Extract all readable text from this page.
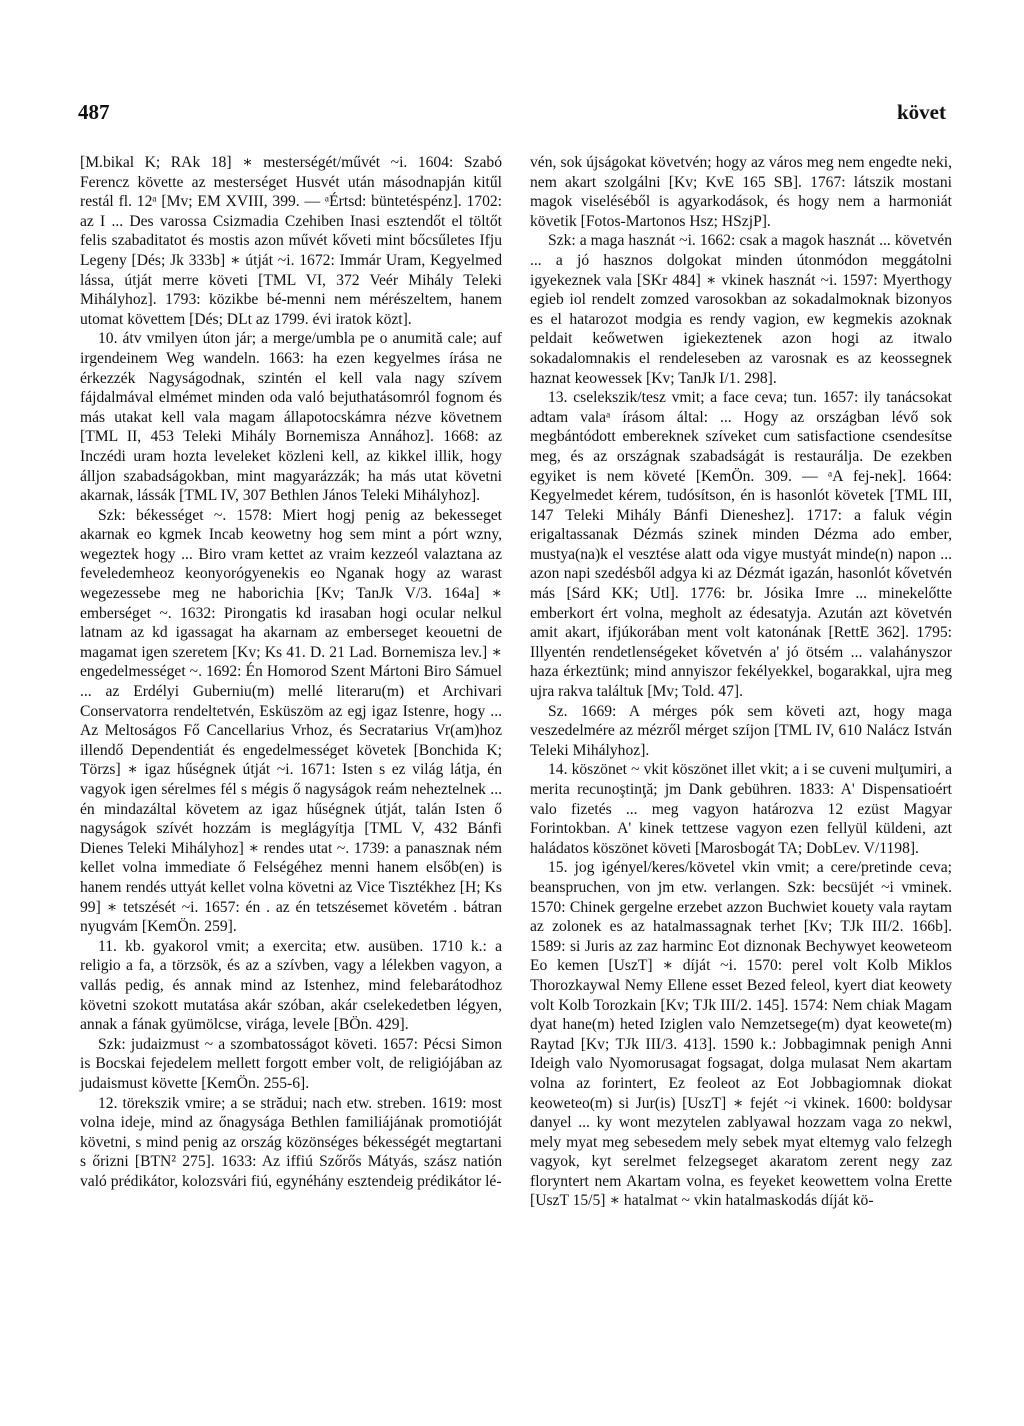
487	követ

[M.bikal K; RAk 18] ∗ mesterségét/művét ~i. 1604: Szabó Ferencz követte az mesterséget Husvét után másodnapján kitűl restál fl. 12ᵃ [Mv; EM XVIII, 399. — ᵃÉrtsd: büntetéspénz]. 1702: az I ... Des varossa Csizmadia Czehiben Inasi esztendőt el töltőt felis szabaditatot és mostis azon művét kőveti mint bőcsűletes Ifju Legeny [Dés; Jk 333b] ∗ útját ~i. 1672: Immár Uram, Kegyelmed lássa, útját merre követi [TML VI, 372 Veér Mihály Teleki Mihályhoz]. 1793: közikbe bé-menni nem mérészeltem, hanem utomat követtem [Dés; DLt az 1799. évi iratok közt].

10. átv vmilyen úton jár; a merge/umbla pe o anumită cale; auf irgendeinem Weg wandeln. 1663: ha ezen kegyelmes írása ne érkezzék Nagyságodnak, szintén el kell vala nagy szívem fájdalmával elmémet minden oda való bejuthatásomról fognom és más utakat kell vala magam állapotocskámra nézve követnem [TML II, 453 Teleki Mihály Bornemisza Annához]. 1668: az Inczédi uram hozta leveleket közleni kell, az kikkel illik, hogy álljon szabadságokban, mint magyarázzák; ha más utat követni akarnak, lássák [TML IV, 307 Bethlen János Teleki Mihályhoz].

Szk: békességet ~. 1578: Miert hogj penig az bekesseget akarnak eo kgmek Incab keowetny hog sem mint a pórt wzny, wegeztek hogy ... Biro vram kettet az vraim kezzeól valaztana az feveledemheoz keonyorógyenekis eo Nganak hogy az warast wegezessebe meg ne haborichia [Kv; TanJk V/3. 164a] ∗ emberséget ~. 1632: Pirongatis kd irasaban hogi ocular nelkul latnam az kd igassagat ha akarnam az emberseget keouetni de magamat igen szeretem [Kv; Ks 41. D. 21 Lad. Bornemisza lev.] ∗ engedelmességet ~. 1692: Én Homorod Szent Mártoni Biro Sámuel ... az Erdélyi Guberniu(m) mellé literaru(m) et Archivari Conservatorra rendeltetvén, Esküszöm az egj igaz Istenre, hogy ... Az Meltoságos Fő Cancellarius Vrhoz, és Secratarius Vr(am)hoz illendő Dependentiát és engedelmességet követek [Bonchida K; Törzs] ∗ igaz hűségnek útját ~i. 1671: Isten s ez világ látja, én vagyok igen sérelmes fél s mégis ő nagyságok reám neheztelnek ... én mindazáltal követem az igaz hűségnek útját, talán Isten ő nagyságok szívét hozzám is meglágyítja [TML V, 432 Bánfi Dienes Teleki Mihályhoz] ∗ rendes utat ~. 1739: a panasznak ném kellet volna immediate ő Felségéhez menni hanem elsőb(en) is hanem rendés uttyát kellet volna követni az Vice Tisztékhez [H; Ks 99] ∗ tetszését ~i. 1657: én . az én tetszésemet követém . bátran nyugvám [KemÖn. 259].

11. kb. gyakorol vmit; a exercita; etw. ausüben. 1710 k.: a religio a fa, a törzsök, és az a szívben, vagy a lélekben vagyon, a vallás pedig, és annak mind az Istenhez, mind felebarátodhoz követni szokott mutatása akár szóban, akár cselekedetben légyen, annak a fának gyümölcse, virága, levele [BÖn. 429].

Szk: judaizmust ~ a szombatosságot követi. 1657: Pécsi Simon is Bocskai fejedelem mellett forgott ember volt, de religiójában az judaismust követte [KemÖn. 255-6].

12. törekszik vmire; a se strădui; nach etw. streben. 1619: most volna ideje, mind az őnagysága Bethlen familiájának promotióját követni, s mind penig az ország közönséges békességét megtartani s őrizni [BTN² 275]. 1633: Az iffiú Szőrős Mátyás, szász natión való prédikátor, kolozsvári fiú, egynéhány esztendeig prédikátor lé-

vén, sok újságokat követvén; hogy az város meg nem engedte neki, nem akart szolgálni [Kv; KvE 165 SB]. 1767: látszik mostani magok viseléséből is agyarkodások, és hogy nem a harmoniát követik [Fotos-Martonos Hsz; HSzjP].

Szk: a maga hasznát ~i. 1662: csak a magok hasznát ... követvén ... a jó hasznos dolgokat minden útonmódon meggátolni igyekeznek vala [SKr 484] ∗ vkinek hasznát ~i. 1597: Myerthogy egieb iol rendelt zomzed varosokban az sokadalmoknak bizonyos es el hatarozot modgia es rendy vagion, ew kegmekis azoknak peldait keőwetwen igiekeztenek azon hogi az itwalo sokadalomnakis el rendeleseben az varosnak es az keossegnek haznat keowessek [Kv; TanJk I/1. 298].

13. cselekszik/tesz vmit; a face ceva; tun. 1657: ily tanácsokat adtam valaᵃ írásom által: ... Hogy az országban lévő sok megbántódott embereknek szíveket cum satisfactione csendesítse meg, és az országnak szabadságát is restaurálja. De ezekben egyiket is nem követé [KemÖn. 309. — ᵃA fej-nek]. 1664: Kegyelmedet kérem, tudósítson, én is hasonlót követek [TML III, 147 Teleki Mihály Bánfi Dieneshez]. 1717: a faluk végin erigaltassanak Dézmás szinek minden Dézma ado ember, mustya(na)k el vesztése alatt oda vigye mustyát minde(n) napon ... azon napi szedésből adgya ki az Dézmát igazán, hasonlót kővetvén más [Sárd KK; Utl]. 1776: br. Jósika Imre ... minekelőtte emberkort ért volna, megholt az édesatyja. Azután azt követvén amit akart, ifjúkorában ment volt katonának [RettE 362]. 1795: Illyentén rendetlenségeket kővetvén a' jó ötsém ... valahányszor haza érkeztünk; mind annyiszor fekélyekkel, bogarakkal, ujra meg ujra rakva találtuk [Mv; Told. 47].

Sz. 1669: A mérges pók sem követi azt, hogy maga veszedelmére az mézről mérget szíjon [TML IV, 610 Nalácz István Teleki Mihályhoz].

14. köszönet ~ vkit köszönet illet vkit; a i se cuveni mulţumiri, a merita recunoştinţă; jm Dank gebühren. 1833: A' Dispensatioért valo fizetés ... meg vagyon határozva 12 ezüst Magyar Forintokban. A' kinek tettzese vagyon ezen fellyül küldeni, azt haládatos köszönet követi [Marosbogát TA; DobLev. V/1198].

15. jog igényel/keres/követel vkin vmit; a cere/pretinde ceva; beanspruchen, von jm etw. verlangen. Szk: becsüjét ~i vminek. 1570: Chinek gergelne erzebet azzon Buchwiet kouety vala raytam az zolonek es az hatalmassagnak terhet [Kv; TJk III/2. 166b]. 1589: si Juris az zaz harminc Eot diznonak Bechywyet keoweteom Eo kemen [UszT] ∗ díját ~i. 1570: perel volt Kolb Miklos Thorozkaywal Nemy Ellene esset Bezed feleol, kyert diat keowety volt Kolb Torozkain [Kv; TJk III/2. 145]. 1574: Nem chiak Magam dyat hane(m) heted Iziglen valo Nemzetsege(m) dyat keowete(m) Raytad [Kv; TJk III/3. 413]. 1590 k.: Jobbagimnak penigh Anni Ideigh valo Nyomorusagat fogsagat, dolga mulasat Nem akartam volna az forintert, Ez feoleot az Eot Jobbagiomnak diokat keoweteo(m) si Jur(is) [UszT] ∗ fejét ~i vkinek. 1600: boldysar danyel ... ky wont mezytelen zablyawal hozzam vaga zo nekwl, mely myat meg sebesedem mely sebek myat eltemyg valo felzegh vagyok, kyt serelmet felzegseget akaratom zerent negy zaz floryntert nem Akartam volna, es feyeket keowettem volna Erette [UszT 15/5] ∗ hatalmat ~ vkin hatalmaskodás díját kö-
